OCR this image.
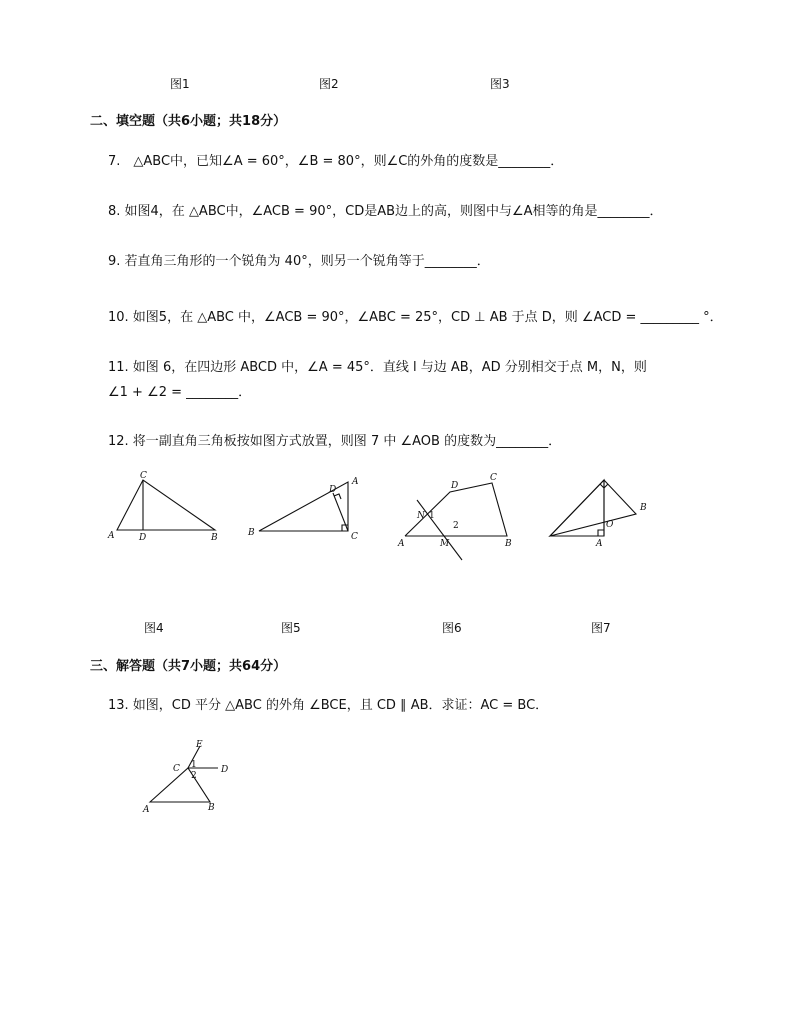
图1	图2	图3
二、填空题（共6小题；共18分）
7.　△ABC中，已知∠A = 60°，∠B = 80°，则∠C的外角的度数是________．
8. 如图4，在 △ABC中，∠ACB = 90°，CD是AB边上的高，则图中与∠A相等的角是________．
9. 若直角三角形的一个锐角为 40°，则另一个锐角等于________．
10. 如图5，在 △ABC 中，∠ACB = 90°，∠ABC = 25°，CD ⊥ AB 于点 D，则 ∠ACD = _________ °．
11. 如图 6，在四边形 ABCD 中，∠A = 45°．直线 l 与边 AB，AD 分别相交于点 M，N，则
∠1 + ∠2 = ________．
12. 将一副直角三角板按如图方式放置，则图 7 中 ∠AOB 的度数为________．
C
A	D	B
D
A
B	C
D
C
N 1
2
A	M	B
B
O
A
图4	图5	图6	图7
三、解答题（共7小题；共64分）
13. 如图，CD 平分 △ABC 的外角 ∠BCE，且 CD ∥ AB．求证：AC = BC．
E
C 1
2
D
A	B
